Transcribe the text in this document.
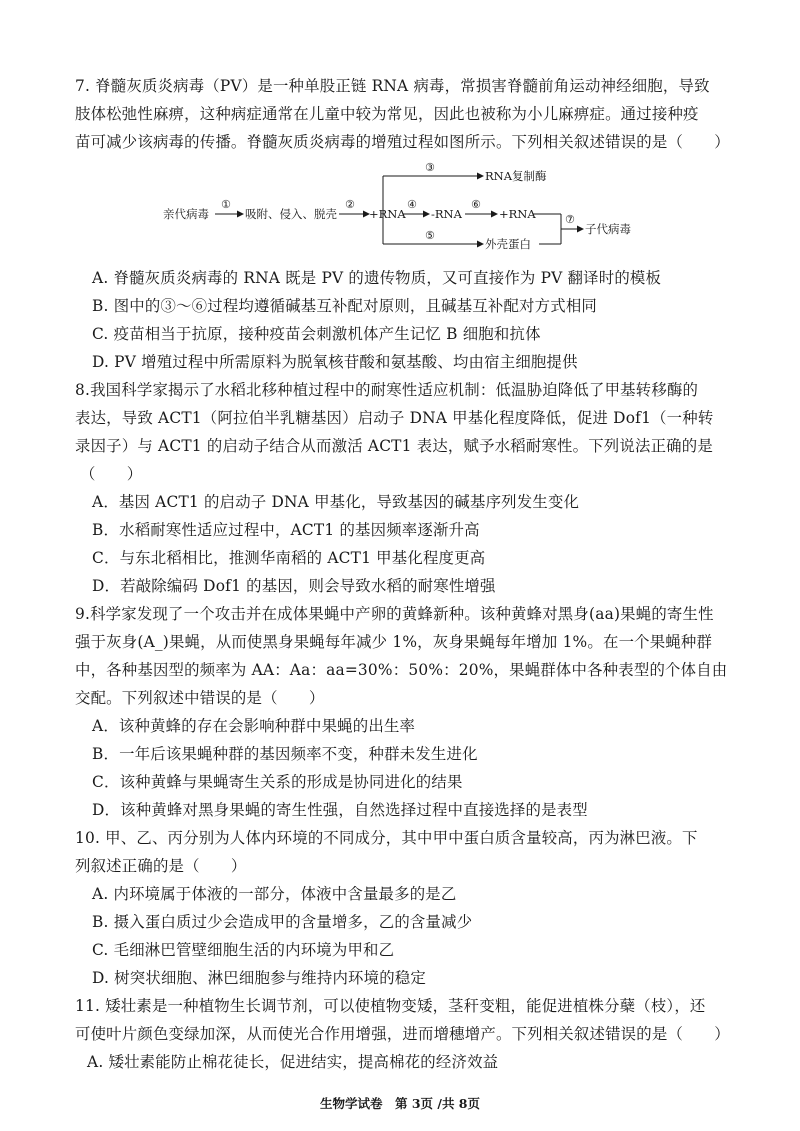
7. 脊髓灰质炎病毒（PV）是一种单股正链 RNA 病毒，常损害脊髓前角运动神经细胞，导致
肢体松弛性麻痹，这种病症通常在儿童中较为常见，因此也被称为小儿麻痹症。通过接种疫
苗可减少该病毒的传播。脊髓灰质炎病毒的增殖过程如图所示。下列相关叙述错误的是（　　）
亲代病毒
①
吸附、侵入、脱壳
②
+RNA
③
RNA复制酶
④
-RNA
⑥
+RNA
⑤
外壳蛋白
⑦
子代病毒
A. 脊髓灰质炎病毒的 RNA 既是 PV 的遗传物质，又可直接作为 PV 翻译时的模板
B. 图中的③～⑥过程均遵循碱基互补配对原则，且碱基互补配对方式相同
C. 疫苗相当于抗原，接种疫苗会刺激机体产生记忆 B 细胞和抗体
D. PV 增殖过程中所需原料为脱氧核苷酸和氨基酸、均由宿主细胞提供
8.我国科学家揭示了水稻北移种植过程中的耐寒性适应机制：低温胁迫降低了甲基转移酶的
表达，导致 ACT1（阿拉伯半乳糖基因）启动子 DNA 甲基化程度降低，促进 Dof1（一种转
录因子）与 ACT1 的启动子结合从而激活 ACT1 表达，赋予水稻耐寒性。下列说法正确的是
（　　）
A．基因 ACT1 的启动子 DNA 甲基化，导致基因的碱基序列发生变化
B．水稻耐寒性适应过程中，ACT1 的基因频率逐渐升高
C．与东北稻相比，推测华南稻的 ACT1 甲基化程度更高
D．若敲除编码 Dof1 的基因，则会导致水稻的耐寒性增强
9.科学家发现了一个攻击并在成体果蝇中产卵的黄蜂新种。该种黄蜂对黑身(aa)果蝇的寄生性
强于灰身(A_)果蝇，从而使黑身果蝇每年减少 1%，灰身果蝇每年增加 1%。在一个果蝇种群
中，各种基因型的频率为 AA：Aa：aa=30%：50%：20%，果蝇群体中各种表型的个体自由
交配。下列叙述中错误的是（　　）
A．该种黄蜂的存在会影响种群中果蝇的出生率
B．一年后该果蝇种群的基因频率不变，种群未发生进化
C．该种黄蜂与果蝇寄生关系的形成是协同进化的结果
D．该种黄蜂对黑身果蝇的寄生性强，自然选择过程中直接选择的是表型
10. 甲、乙、丙分别为人体内环境的不同成分，其中甲中蛋白质含量较高，丙为淋巴液。下
列叙述正确的是（　　）
A. 内环境属于体液的一部分，体液中含量最多的是乙
B. 摄入蛋白质过少会造成甲的含量增多，乙的含量减少
C. 毛细淋巴管壁细胞生活的内环境为甲和乙
D. 树突状细胞、淋巴细胞参与维持内环境的稳定
11. 矮壮素是一种植物生长调节剂，可以使植物变矮，茎秆变粗，能促进植株分蘖（枝），还
可使叶片颜色变绿加深，从而使光合作用增强，进而增穗增产。下列相关叙述错误的是（　　）
A. 矮壮素能防止棉花徒长，促进结实，提高棉花的经济效益
生物学试卷　第 3页 /共 8页
